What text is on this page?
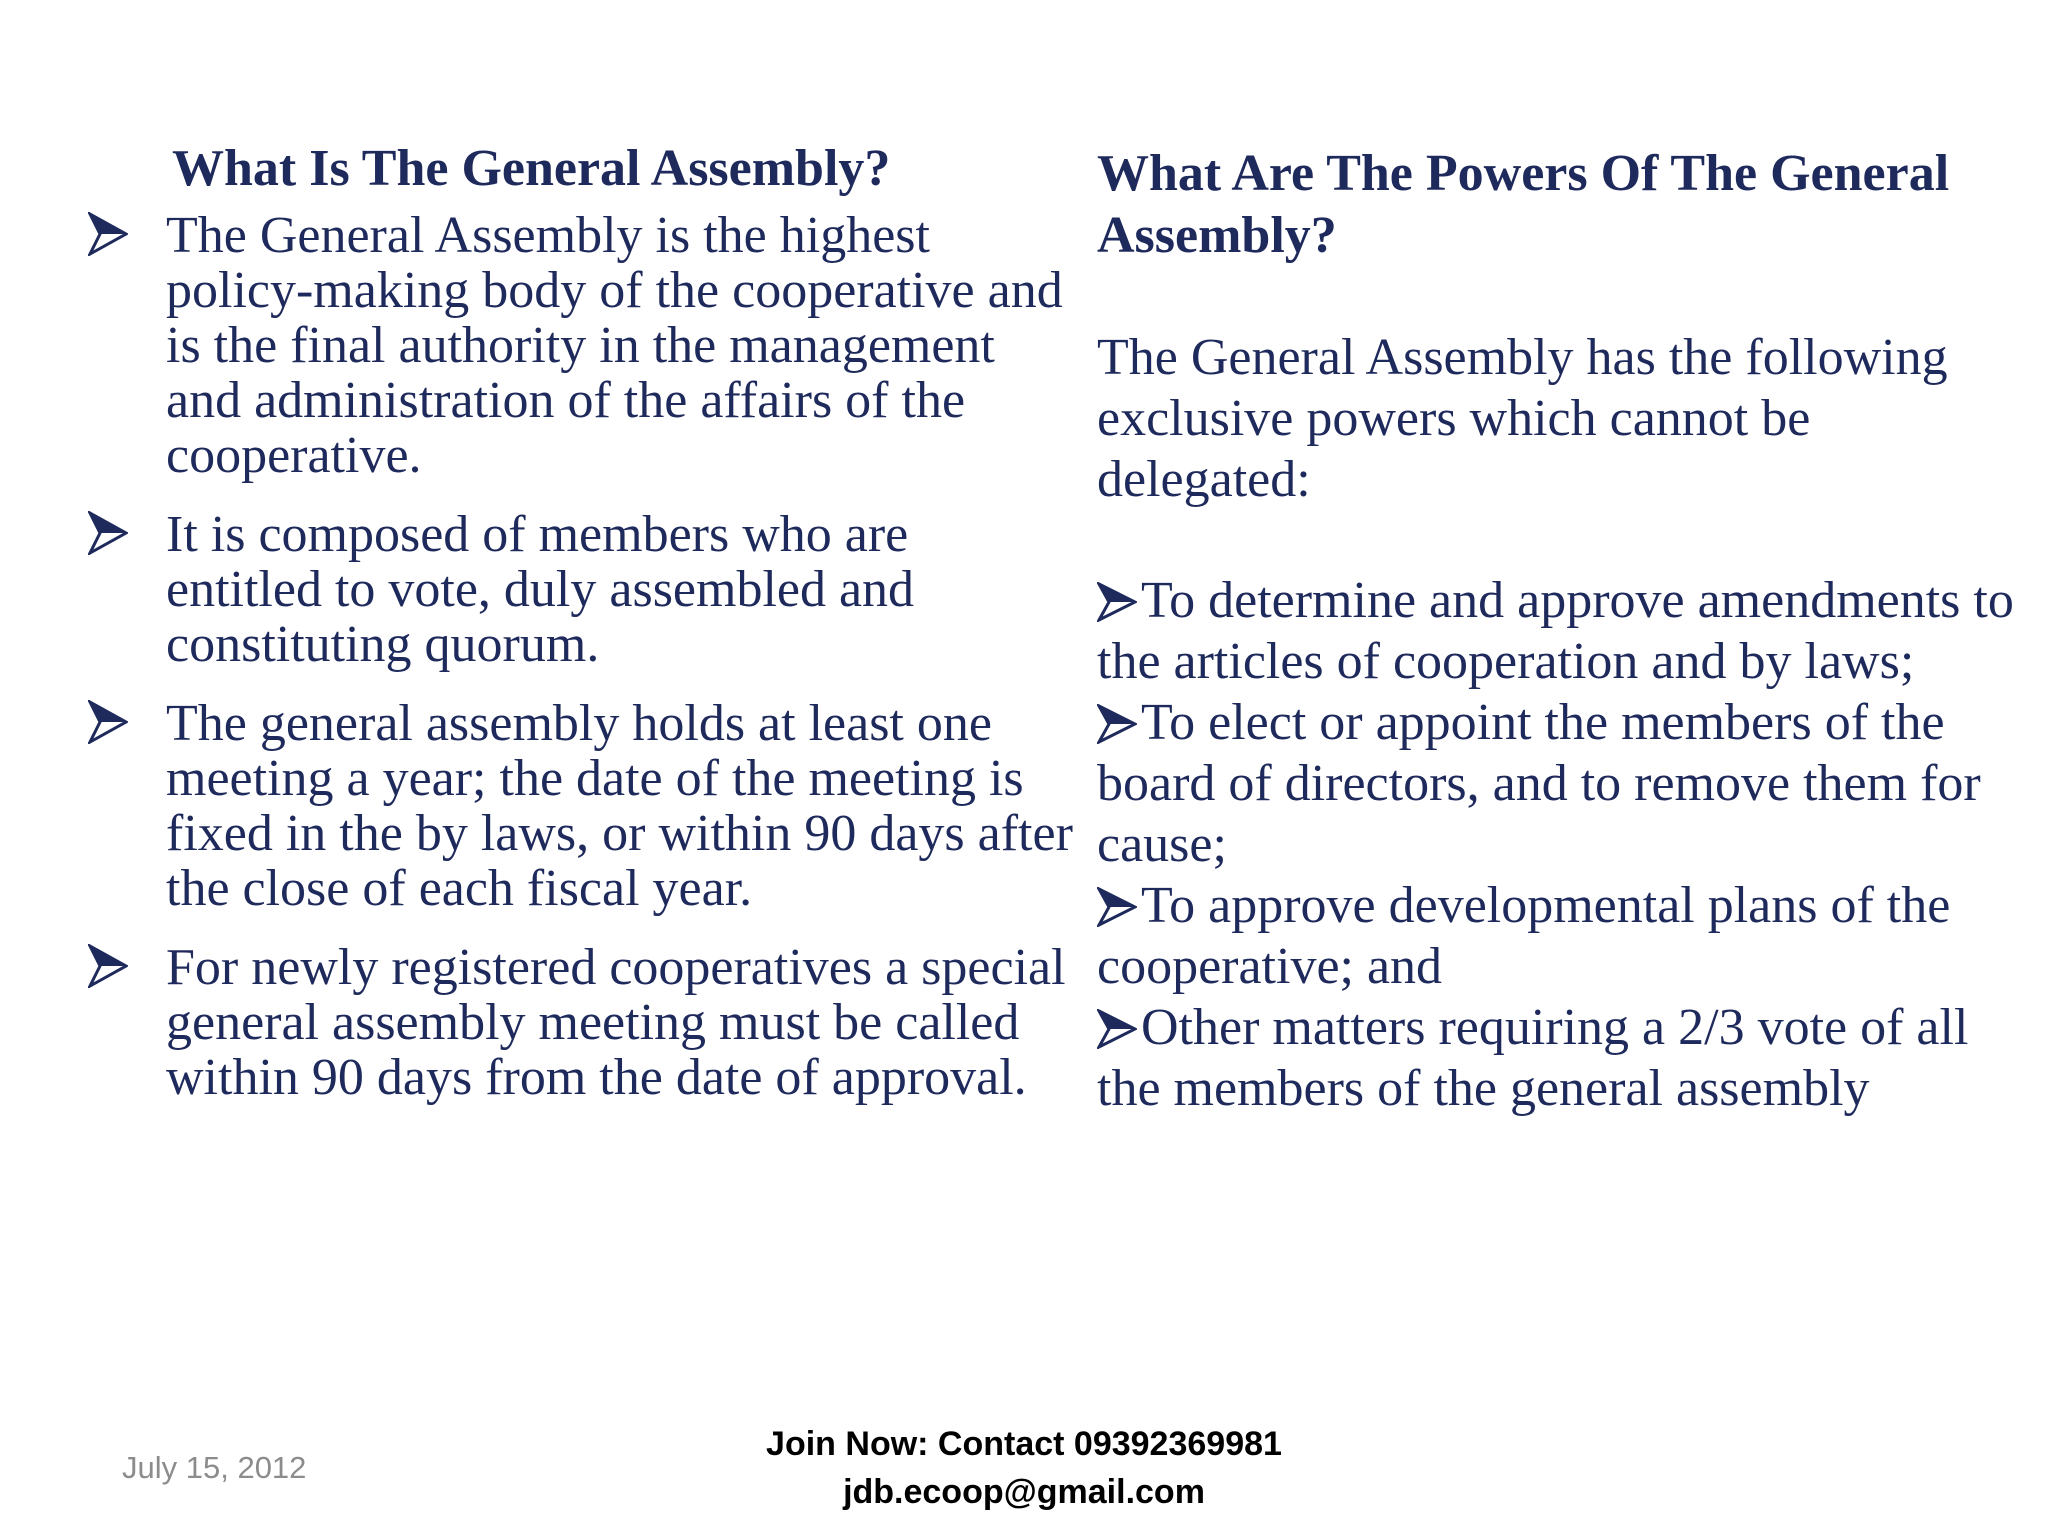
What Is The General Assembly?
The General Assembly is the highest policy-making body of the cooperative and is the final authority in the management and administration of the affairs of the cooperative.
It is composed of members who are entitled to vote, duly assembled and constituting quorum.
The general assembly holds at least one meeting a year; the date of the meeting is fixed in the by laws, or within 90 days after the close of each fiscal year.
For newly registered cooperatives a special general assembly meeting must be called within 90 days from the date of approval.
What Are The Powers Of The General Assembly?

The General Assembly has the following exclusive powers which cannot be delegated:

To determine and approve amendments to the articles of cooperation and by laws;
To elect or appoint the members of the board of directors, and to remove them for cause;
To approve developmental plans of the cooperative; and
Other matters requiring a 2/3 vote of all the members of the general assembly
July 15, 2012
Join Now: Contact 09392369981
jdb.ecoop@gmail.com
